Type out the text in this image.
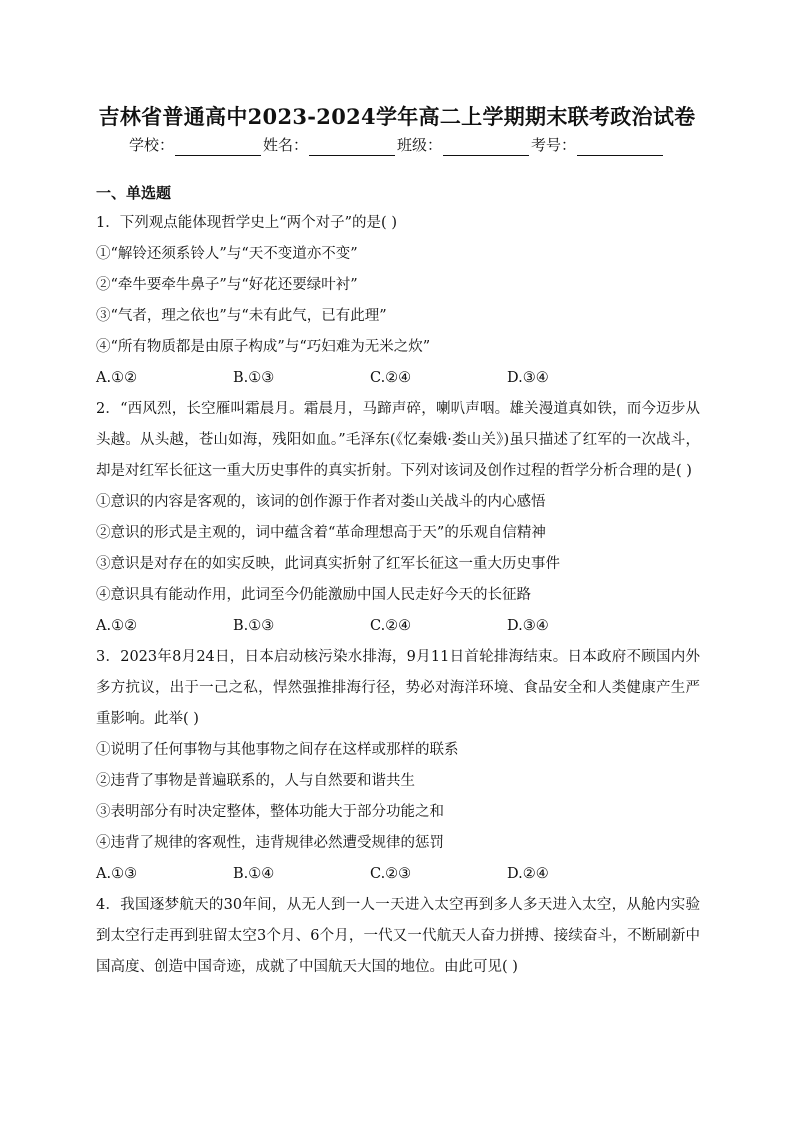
吉林省普通高中2023-2024学年高二上学期期末联考政治试卷
学校：	姓名：	班级：	考号：
一、单选题
1．下列观点能体现哲学史上“两个对子”的是( )
①“解铃还须系铃人”与“天不变道亦不变”
②“牵牛要牵牛鼻子”与“好花还要绿叶衬”
③“气者，理之依也”与“未有此气，已有此理”
④“所有物质都是由原子构成”与“巧妇难为无米之炊”
A.①②	B.①③	C.②④	D.③④
2．“西风烈，长空雁叫霜晨月。霜晨月，马蹄声碎，喇叭声咽。雄关漫道真如铁，而今迈步从头越。从头越，苍山如海，残阳如血。”毛泽东(《忆秦娥·娄山关》)虽只描述了红军的一次战斗，却是对红军长征这一重大历史事件的真实折射。下列对该词及创作过程的哲学分析合理的是( )
①意识的内容是客观的，该词的创作源于作者对娄山关战斗的内心感悟
②意识的形式是主观的，词中蕴含着“革命理想高于天”的乐观自信精神
③意识是对存在的如实反映，此词真实折射了红军长征这一重大历史事件
④意识具有能动作用，此词至今仍能激励中国人民走好今天的长征路
A.①②	B.①③	C.②④	D.③④
3．2023年8月24日，日本启动核污染水排海，9月11日首轮排海结束。日本政府不顾国内外多方抗议，出于一己之私，悍然强推排海行径，势必对海洋环境、食品安全和人类健康产生严重影响。此举( )
①说明了任何事物与其他事物之间存在这样或那样的联系
②违背了事物是普遍联系的，人与自然要和谐共生
③表明部分有时决定整体，整体功能大于部分功能之和
④违背了规律的客观性，违背规律必然遭受规律的惩罚
A.①③	B.①④	C.②③	D.②④
4．我国逐梦航天的30年间，从无人到一人一天进入太空再到多人多天进入太空，从舱内实验到太空行走再到驻留太空3个月、6个月，一代又一代航天人奋力拼搏、接续奋斗，不断刷新中国高度、创造中国奇迹，成就了中国航天大国的地位。由此可见( )
